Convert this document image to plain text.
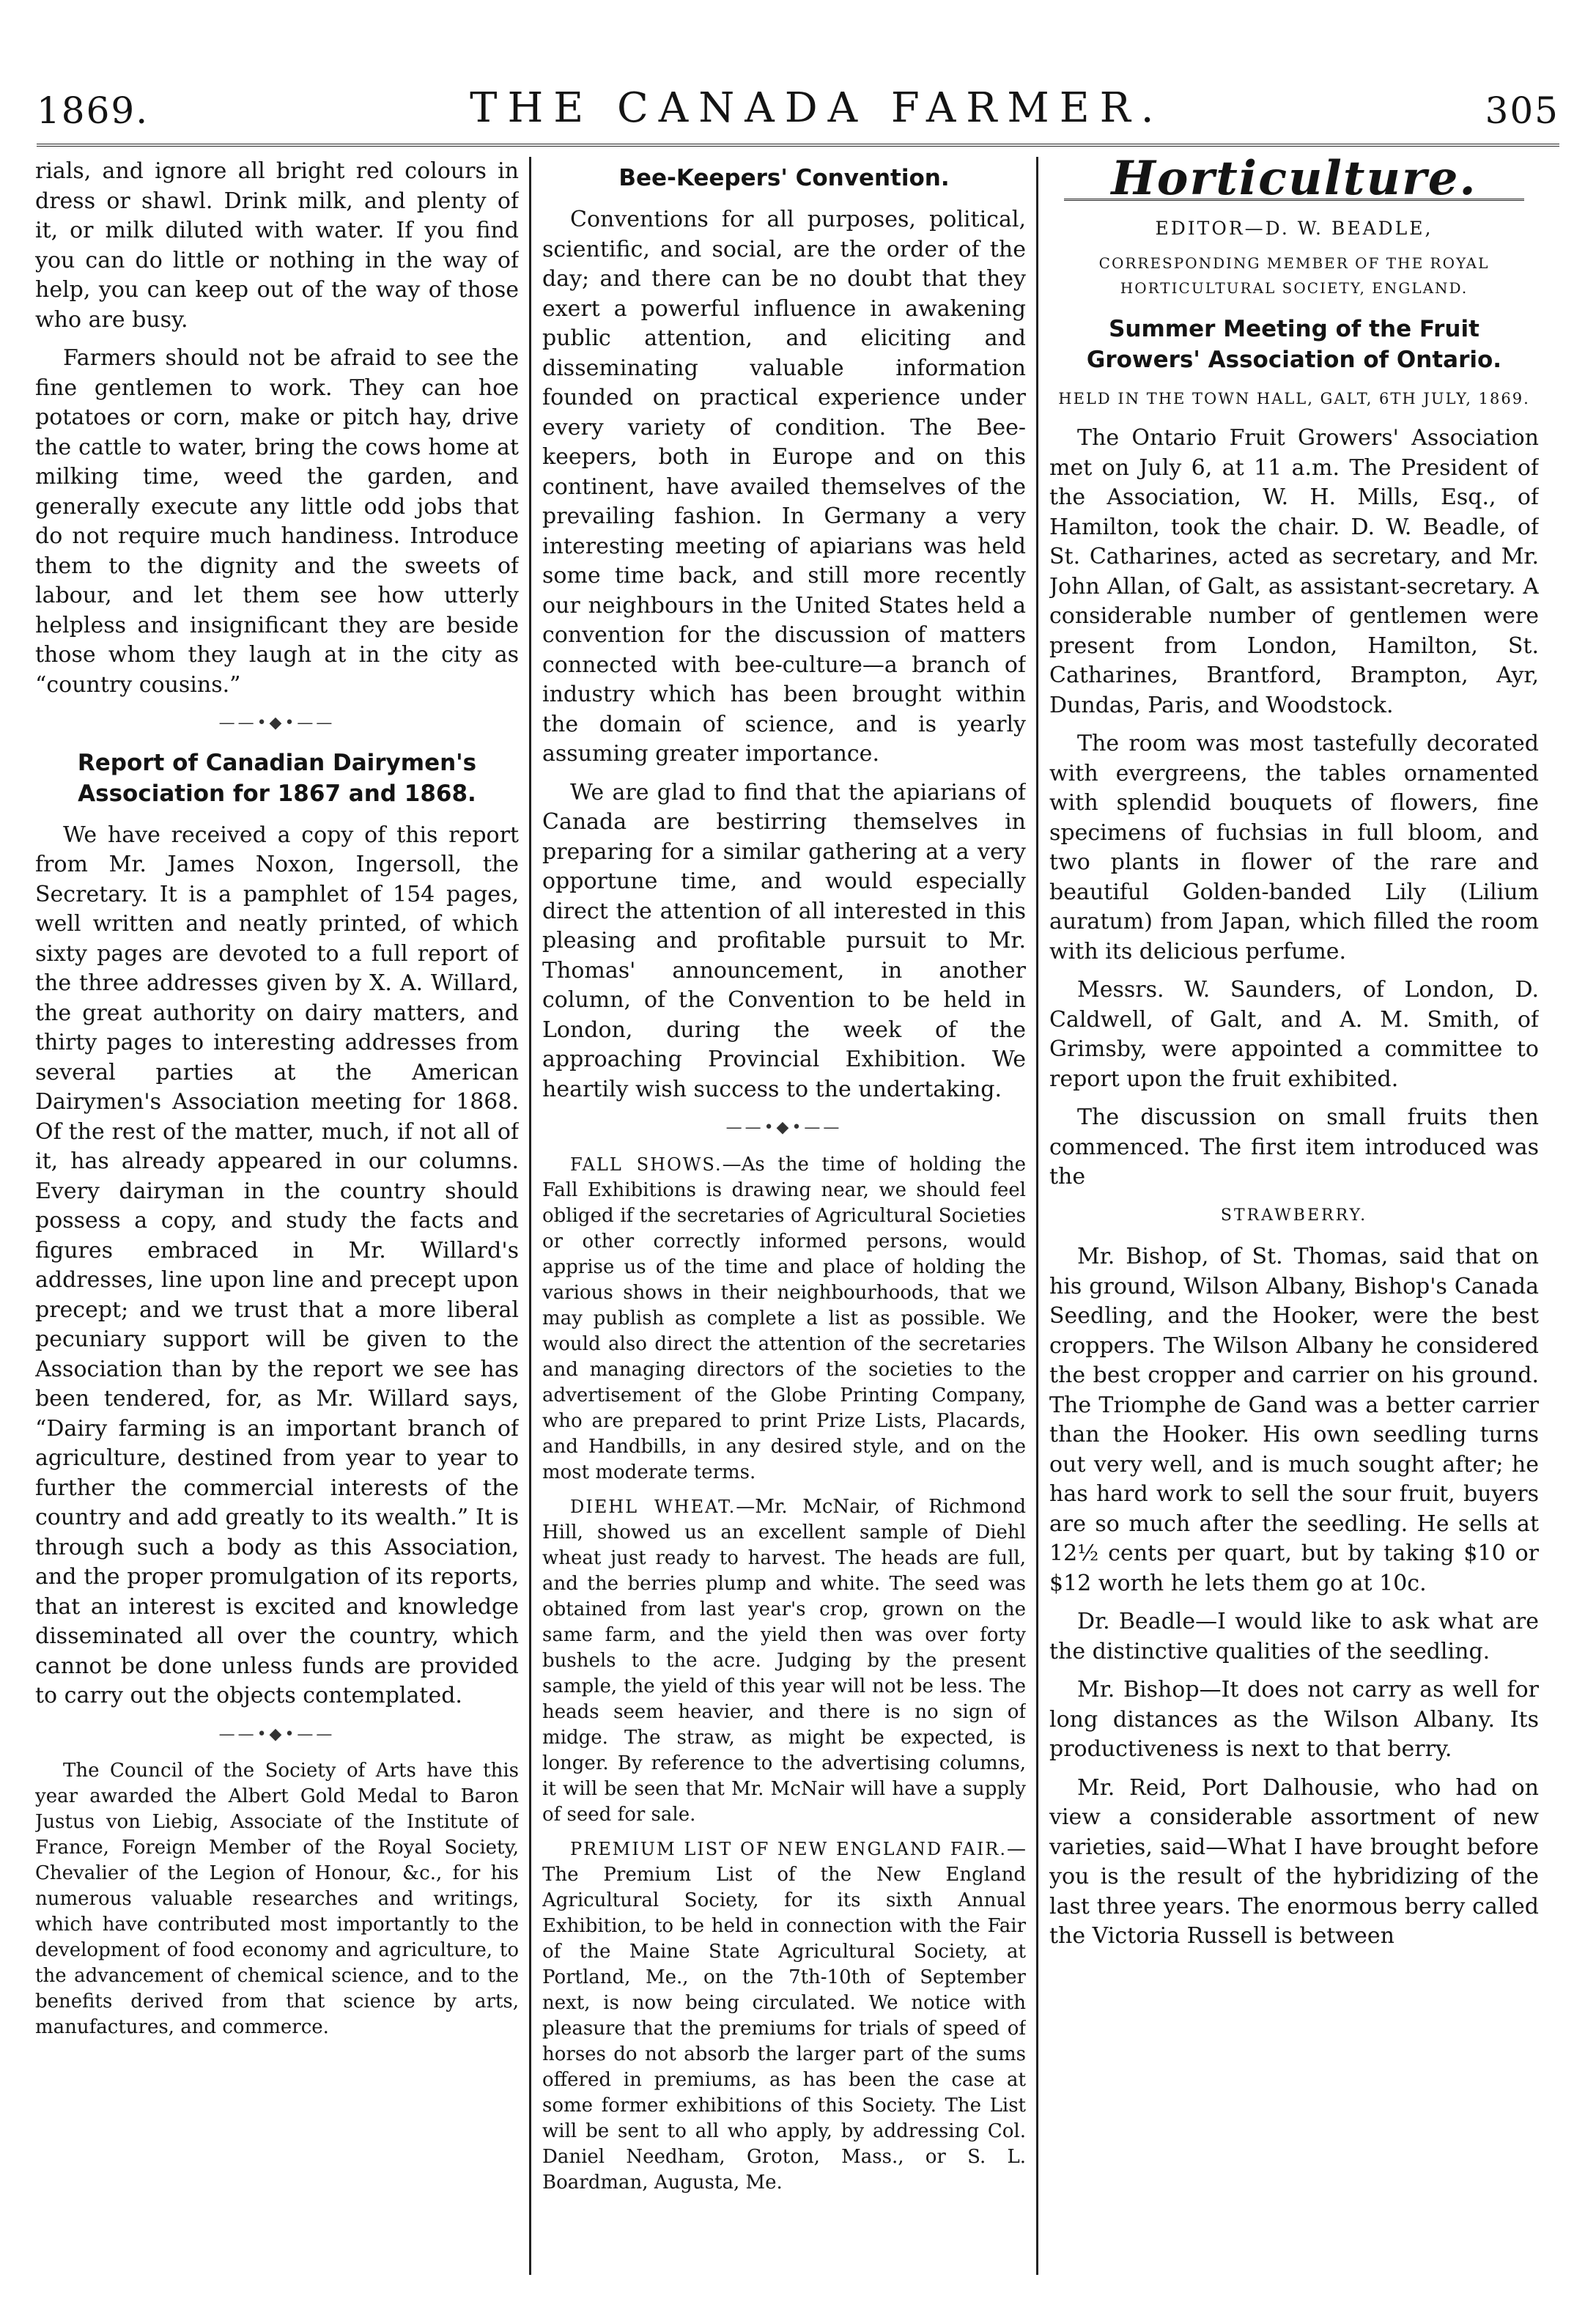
1869.	THE CANADA FARMER.	305

rials, and ignore all bright red colours in dress or shawl. Drink milk, and plenty of it, or milk diluted with water. If you find you can do little or nothing in the way of help, you can keep out of the way of those who are busy.

Farmers should not be afraid to see the fine gentlemen to work. They can hoe potatoes or corn, make or pitch hay, drive the cattle to water, bring the cows home at milking time, weed the garden, and generally execute any little odd jobs that do not require much handiness. Introduce them to the dignity and the sweets of labour, and let them see how utterly helpless and insignificant they are beside those whom they laugh at in the city as “country cousins.”

——•◆•——
Report of Canadian Dairymen's Association for 1867 and 1868.

We have received a copy of this report from Mr. James Noxon, Ingersoll, the Secretary. It is a pamphlet of 154 pages, well written and neatly printed, of which sixty pages are devoted to a full report of the three addresses given by X. A. Willard, the great authority on dairy matters, and thirty pages to interesting addresses from several parties at the American Dairymen's Association meeting for 1868. Of the rest of the matter, much, if not all of it, has already appeared in our columns. Every dairyman in the country should possess a copy, and study the facts and figures embraced in Mr. Willard's addresses, line upon line and precept upon precept; and we trust that a more liberal pecuniary support will be given to the Association than by the report we see has been tendered, for, as Mr. Willard says, “Dairy farming is an important branch of agriculture, destined from year to year to further the commercial interests of the country and add greatly to its wealth.” It is through such a body as this Association, and the proper promulgation of its reports, that an interest is excited and knowledge disseminated all over the country, which cannot be done unless funds are provided to carry out the objects contemplated.

——•◆•——

The Council of the Society of Arts have this year awarded the Albert Gold Medal to Baron Justus von Liebig, Associate of the Institute of France, Foreign Member of the Royal Society, Chevalier of the Legion of Honour, &c., for his numerous valuable researches and writings, which have contributed most importantly to the development of food economy and agriculture, to the advancement of chemical science, and to the benefits derived from that science by arts, manufactures, and commerce.

Bee-Keepers' Convention.

Conventions for all purposes, political, scientific, and social, are the order of the day; and there can be no doubt that they exert a powerful influence in awakening public attention, and eliciting and disseminating valuable information founded on practical experience under every variety of condition. The Bee-keepers, both in Europe and on this continent, have availed themselves of the prevailing fashion. In Germany a very interesting meeting of apiarians was held some time back, and still more recently our neighbours in the United States held a convention for the discussion of matters connected with bee-culture—a branch of industry which has been brought within the domain of science, and is yearly assuming greater importance.

We are glad to find that the apiarians of Canada are bestirring themselves in preparing for a similar gathering at a very opportune time, and would especially direct the attention of all interested in this pleasing and profitable pursuit to Mr. Thomas' announcement, in another column, of the Convention to be held in London, during the week of the approaching Provincial Exhibition. We heartily wish success to the undertaking.

——•◆•——

FALL SHOWS.—As the time of holding the Fall Exhibitions is drawing near, we should feel obliged if the secretaries of Agricultural Societies or other correctly informed persons, would apprise us of the time and place of holding the various shows in their neighbourhoods, that we may publish as complete a list as possible. We would also direct the attention of the secretaries and managing directors of the societies to the advertisement of the Globe Printing Company, who are prepared to print Prize Lists, Placards, and Handbills, in any desired style, and on the most moderate terms.

DIEHL WHEAT.—Mr. McNair, of Richmond Hill, showed us an excellent sample of Diehl wheat just ready to harvest. The heads are full, and the berries plump and white. The seed was obtained from last year's crop, grown on the same farm, and the yield then was over forty bushels to the acre. Judging by the present sample, the yield of this year will not be less. The heads seem heavier, and there is no sign of midge. The straw, as might be expected, is longer. By reference to the advertising columns, it will be seen that Mr. McNair will have a supply of seed for sale.

PREMIUM LIST OF NEW ENGLAND FAIR.—The Premium List of the New England Agricultural Society, for its sixth Annual Exhibition, to be held in connection with the Fair of the Maine State Agricultural Society, at Portland, Me., on the 7th-10th of September next, is now being circulated. We notice with pleasure that the premiums for trials of speed of horses do not absorb the larger part of the sums offered in premiums, as has been the case at some former exhibitions of this Society. The List will be sent to all who apply, by addressing Col. Daniel Needham, Groton, Mass., or S. L. Boardman, Augusta, Me.

Horticulture.
EDITOR—D. W. BEADLE,
CORRESPONDING MEMBER OF THE ROYAL HORTICULTURAL SOCIETY, ENGLAND.
Summer Meeting of the Fruit Growers' Association of Ontario.
HELD IN THE TOWN HALL, GALT, 6TH JULY, 1869.

The Ontario Fruit Growers' Association met on July 6, at 11 a.m. The President of the Association, W. H. Mills, Esq., of Hamilton, took the chair. D. W. Beadle, of St. Catharines, acted as secretary, and Mr. John Allan, of Galt, as assistant-secretary. A considerable number of gentlemen were present from London, Hamilton, St. Catharines, Brantford, Brampton, Ayr, Dundas, Paris, and Woodstock.

The room was most tastefully decorated with evergreens, the tables ornamented with splendid bouquets of flowers, fine specimens of fuchsias in full bloom, and two plants in flower of the rare and beautiful Golden-banded Lily (Lilium auratum) from Japan, which filled the room with its delicious perfume.

Messrs. W. Saunders, of London, D. Caldwell, of Galt, and A. M. Smith, of Grimsby, were appointed a committee to report upon the fruit exhibited.

The discussion on small fruits then commenced. The first item introduced was the

STRAWBERRY.

Mr. Bishop, of St. Thomas, said that on his ground, Wilson Albany, Bishop's Canada Seedling, and the Hooker, were the best croppers. The Wilson Albany he considered the best cropper and carrier on his ground. The Triomphe de Gand was a better carrier than the Hooker. His own seedling turns out very well, and is much sought after; he has hard work to sell the sour fruit, buyers are so much after the seedling. He sells at 12½ cents per quart, but by taking $10 or $12 worth he lets them go at 10c.

Dr. Beadle—I would like to ask what are the distinctive qualities of the seedling.

Mr. Bishop—It does not carry as well for long distances as the Wilson Albany. Its productiveness is next to that berry.

Mr. Reid, Port Dalhousie, who had on view a considerable assortment of new varieties, said—What I have brought before you is the result of the hybridizing of the last three years. The enormous berry called the Victoria Russell is between
